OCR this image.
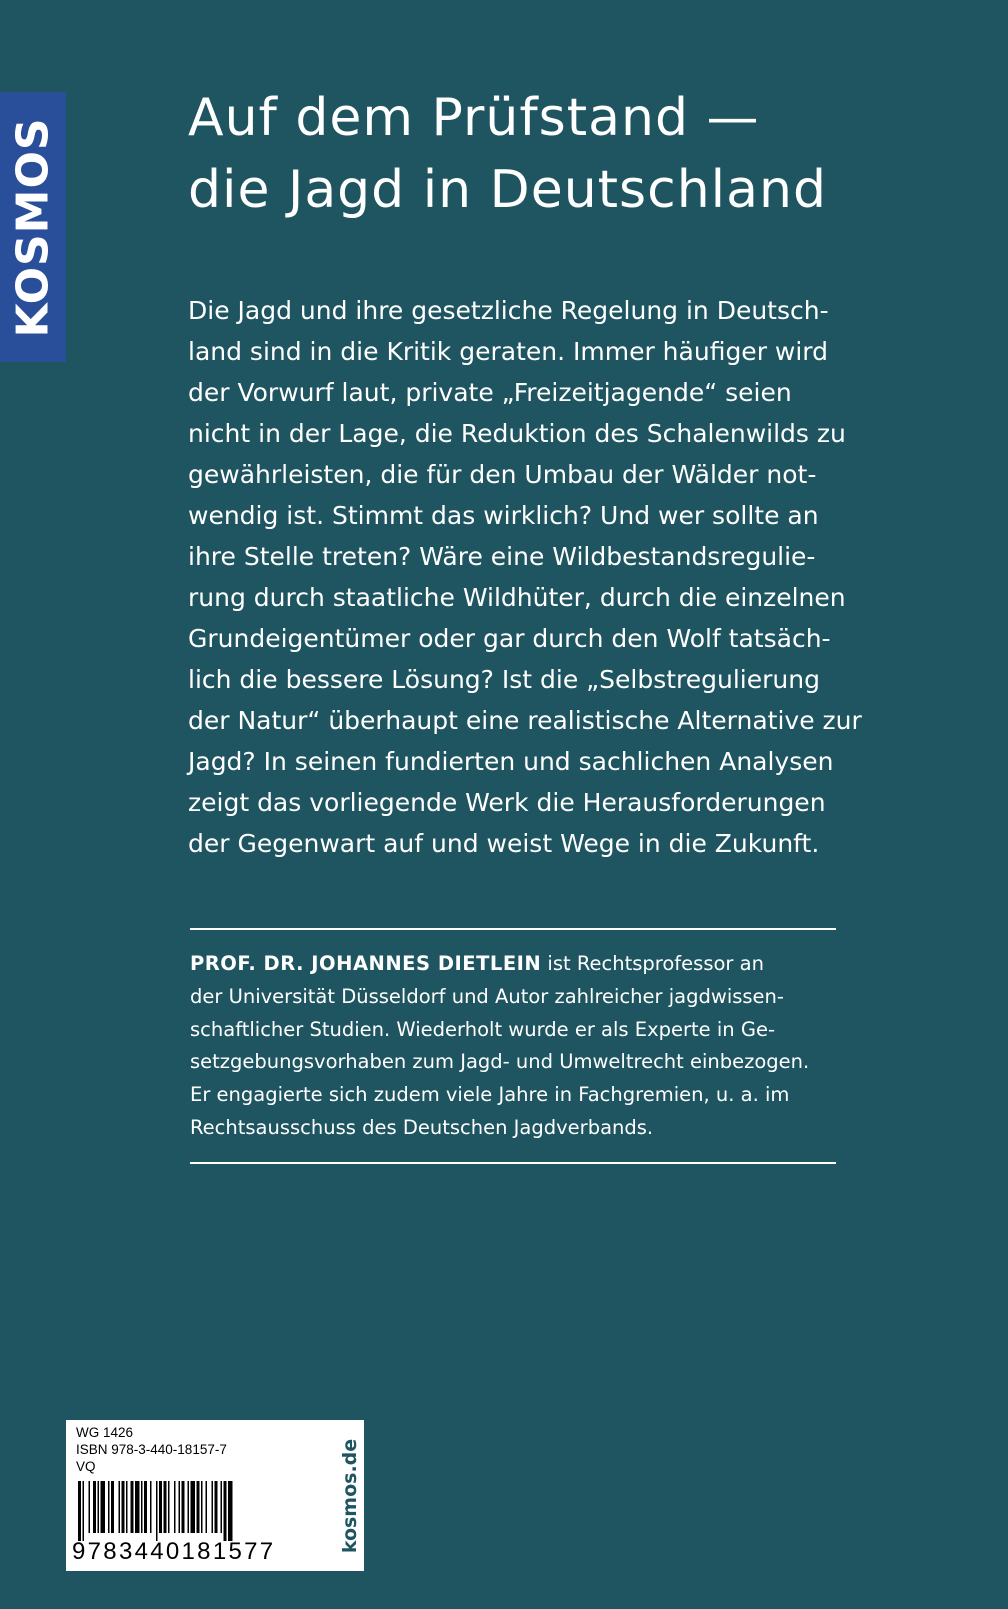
KOSMOS Auf dem Prüfstand —
die Jagd in Deutschland

Die Jagd und ihre gesetzliche Regelung in Deutsch-
land sind in die Kritik geraten. Immer häufiger wird
der Vorwurf laut, private „Freizeitjagende“ seien
nicht in der Lage, die Reduktion des Schalenwilds zu
gewährleisten, die für den Umbau der Wälder not-
wendig ist. Stimmt das wirklich? Und wer sollte an
ihre Stelle treten? Wäre eine Wildbestandsregulie-
rung durch staatliche Wildhüter, durch die einzelnen
Grundeigentümer oder gar durch den Wolf tatsäch-
lich die bessere Lösung? Ist die „Selbstregulierung
der Natur“ überhaupt eine realistische Alternative zur
Jagd? In seinen fundierten und sachlichen Analysen
zeigt das vorliegende Werk die Herausforderungen
der Gegenwart auf und weist Wege in die Zukunft.

PROF. DR. JOHANNES DIETLEIN ist Rechtsprofessor an
der Universität Düsseldorf und Autor zahlreicher jagdwissen-
schaftlicher Studien. Wiederholt wurde er als Experte in Ge-
setzgebungsvorhaben zum Jagd- und Umweltrecht einbezogen.
Er engagierte sich zudem viele Jahre in Fachgremien, u. a. im
Rechtsausschuss des Deutschen Jagdverbands.

WG 1426
ISBN 978-3-440-18157-7
VQ
9783440181577	kosmos.de
